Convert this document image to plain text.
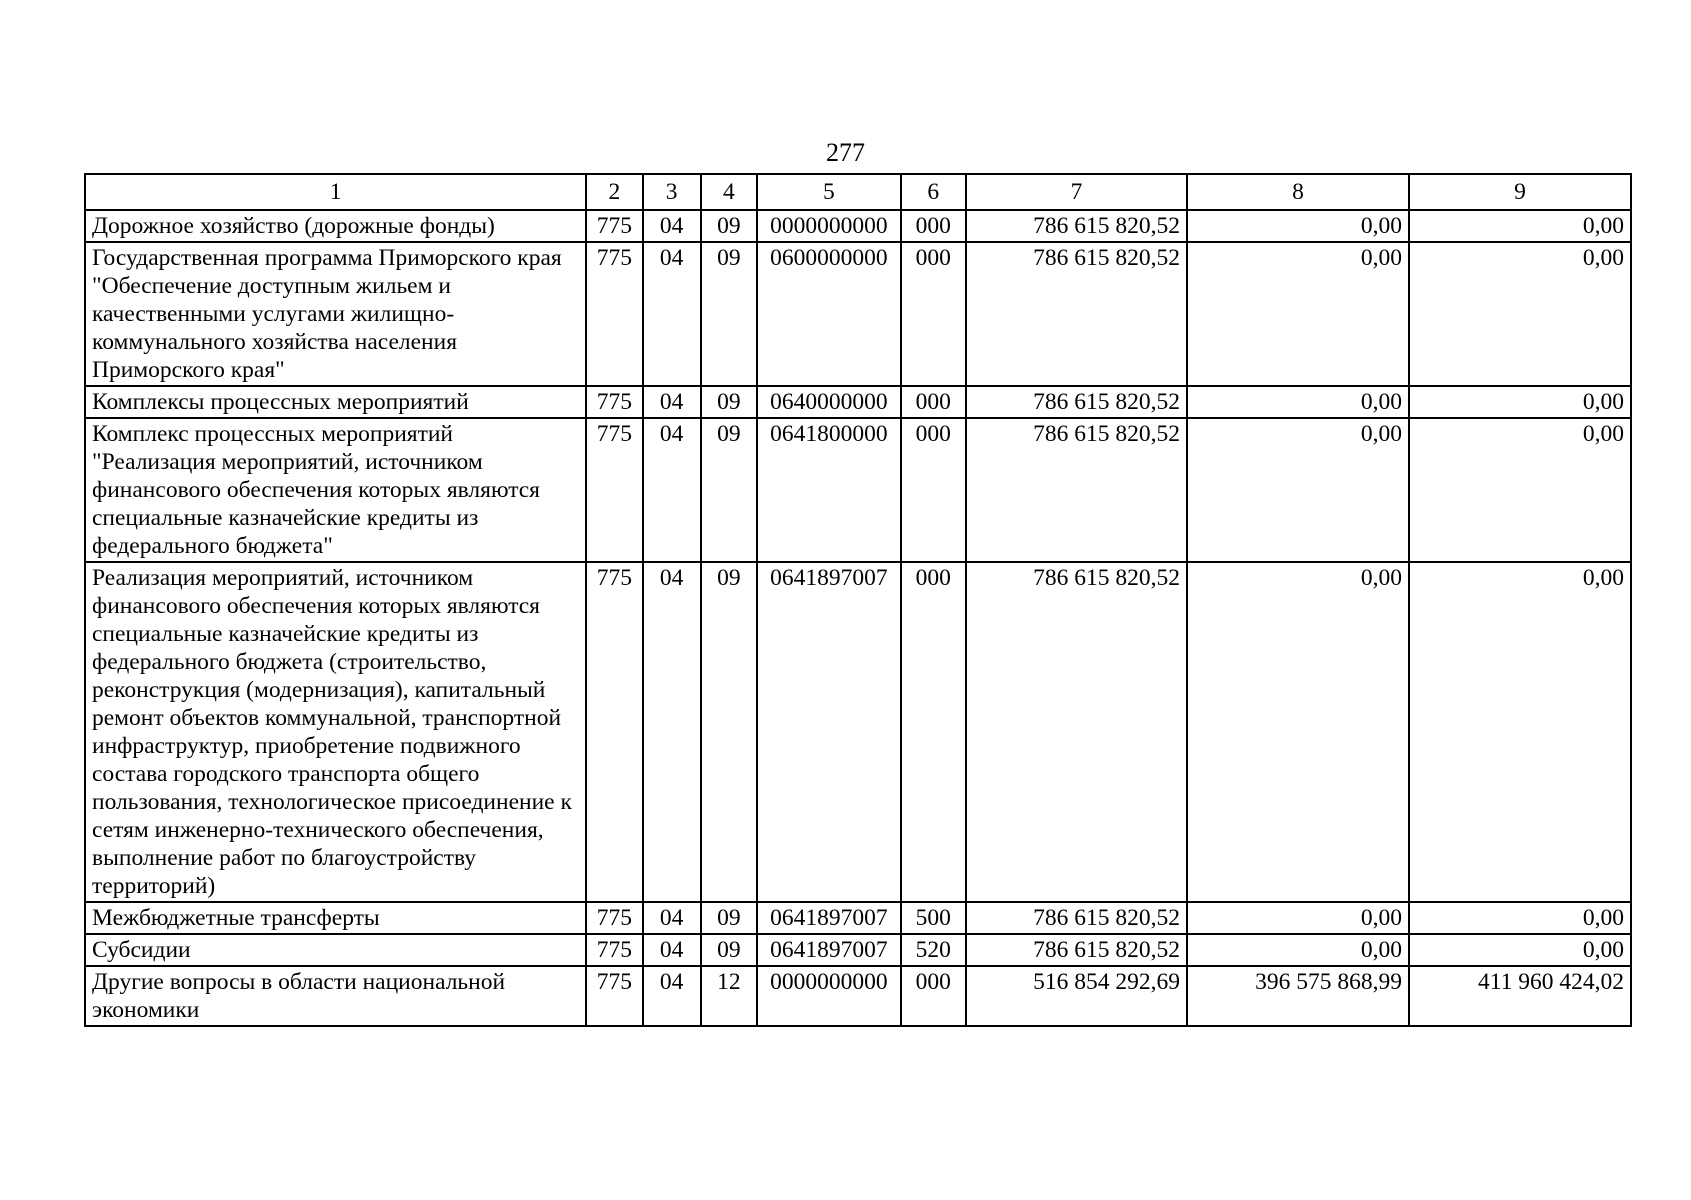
277
1	2	3	4	5	6	7	8	9
Дорожное хозяйство (дорожные фонды)	775	04	09	0000000000	000	786 615 820,52	0,00	0,00
Государственная программа Приморского края "Обеспечение доступным жильем и качественными услугами жилищно-коммунального хозяйства населения Приморского края"	775	04	09	0600000000	000	786 615 820,52	0,00	0,00
Комплексы процессных мероприятий	775	04	09	0640000000	000	786 615 820,52	0,00	0,00
Комплекс процессных мероприятий "Реализация мероприятий, источником финансового обеспечения которых являются специальные казначейские кредиты из федерального бюджета"	775	04	09	0641800000	000	786 615 820,52	0,00	0,00
Реализация мероприятий, источником финансового обеспечения которых являются специальные казначейские кредиты из федерального бюджета (строительство, реконструкция (модернизация), капитальный ремонт объектов коммунальной, транспортной инфраструктур, приобретение подвижного состава городского транспорта общего пользования, технологическое присоединение к сетям инженерно-технического обеспечения, выполнение работ по благоустройству территорий)	775	04	09	0641897007	000	786 615 820,52	0,00	0,00
Межбюджетные трансферты	775	04	09	0641897007	500	786 615 820,52	0,00	0,00
Субсидии	775	04	09	0641897007	520	786 615 820,52	0,00	0,00
Другие вопросы в области национальной экономики	775	04	12	0000000000	000	516 854 292,69	396 575 868,99	411 960 424,02
